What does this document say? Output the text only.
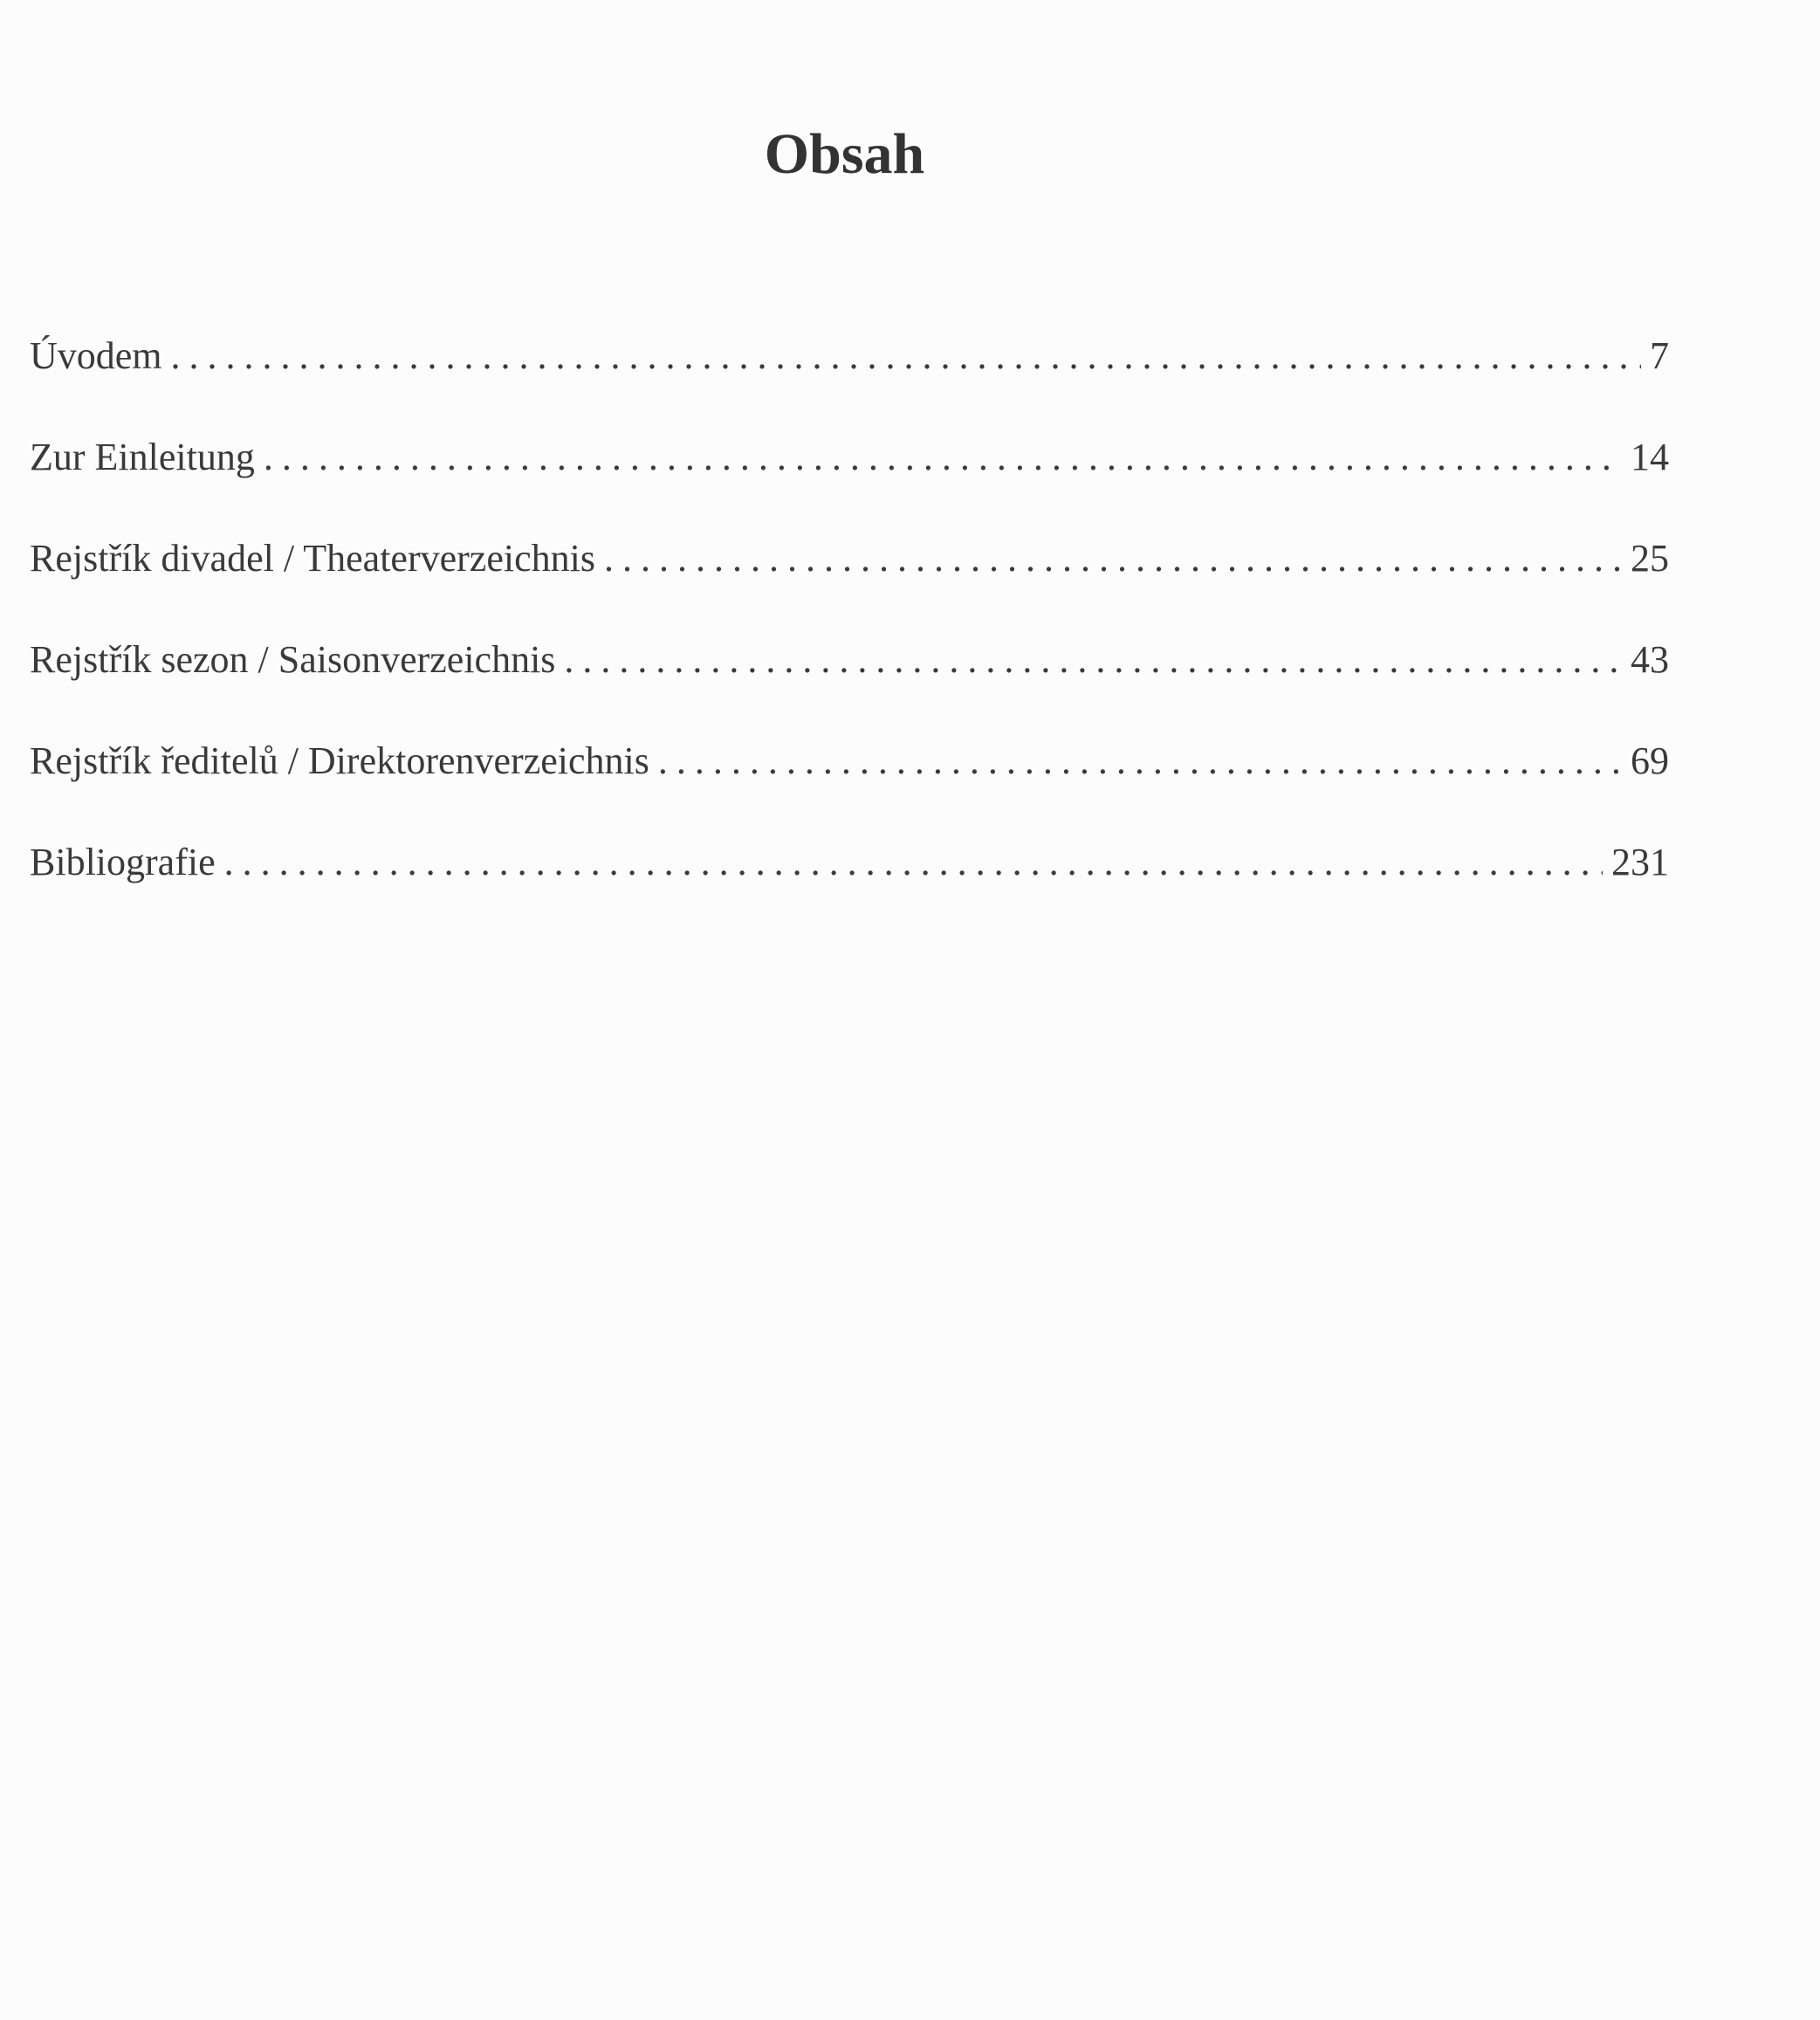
Obsah
Úvodem . . .	7
Zur Einleitung . . .	14
Rejstřík divadel / Theaterverzeichnis . . .	25
Rejstřík sezon / Saisonverzeichnis . . .	43
Rejstřík ředitelů / Direktorenverzeichnis . . .	69
Bibliografie . . .	231
